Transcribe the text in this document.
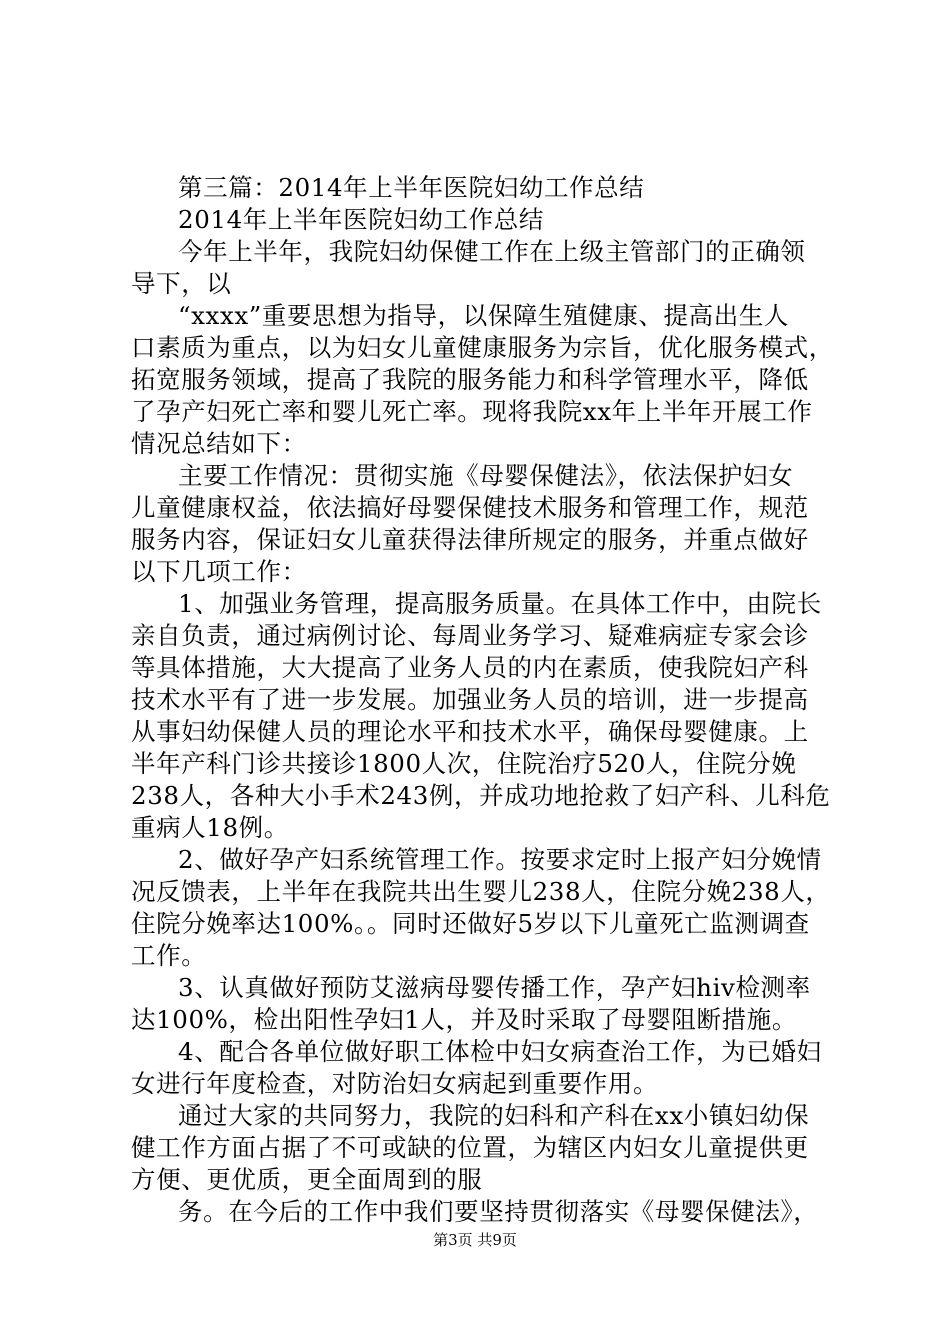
第三篇：2014年上半年医院妇幼工作总结
2014年上半年医院妇幼工作总结
今年上半年，我院妇幼保健工作在上级主管部门的正确领
导下，以
“xxxx”重要思想为指导，以保障生殖健康、提高出生人
口素质为重点，以为妇女儿童健康服务为宗旨，优化服务模式，
拓宽服务领域，提高了我院的服务能力和科学管理水平，降低
了孕产妇死亡率和婴儿死亡率。现将我院xx年上半年开展工作
情况总结如下：
主要工作情况：贯彻实施《母婴保健法》，依法保护妇女
儿童健康权益，依法搞好母婴保健技术服务和管理工作，规范
服务内容，保证妇女儿童获得法律所规定的服务，并重点做好
以下几项工作：
1、加强业务管理，提高服务质量。在具体工作中，由院长
亲自负责，通过病例讨论、每周业务学习、疑难病症专家会诊
等具体措施，大大提高了业务人员的内在素质，使我院妇产科
技术水平有了进一步发展。加强业务人员的培训，进一步提高
从事妇幼保健人员的理论水平和技术水平，确保母婴健康。上
半年产科门诊共接诊1800人次，住院治疗520人，住院分娩
238人，各种大小手术243例，并成功地抢救了妇产科、儿科危
重病人18例。
2、做好孕产妇系统管理工作。按要求定时上报产妇分娩情
况反馈表，上半年在我院共出生婴儿238人，住院分娩238人，
住院分娩率达100%。。同时还做好5岁以下儿童死亡监测调查
工作。
3、认真做好预防艾滋病母婴传播工作，孕产妇hiv检测率
达100%，检出阳性孕妇1人，并及时采取了母婴阻断措施。
4、配合各单位做好职工体检中妇女病查治工作，为已婚妇
女进行年度检查，对防治妇女病起到重要作用。
通过大家的共同努力，我院的妇科和产科在xx小镇妇幼保
健工作方面占据了不可或缺的位置，为辖区内妇女儿童提供更
方便、更优质，更全面周到的服
务。在今后的工作中我们要坚持贯彻落实《母婴保健法》，
第3页 共9页
